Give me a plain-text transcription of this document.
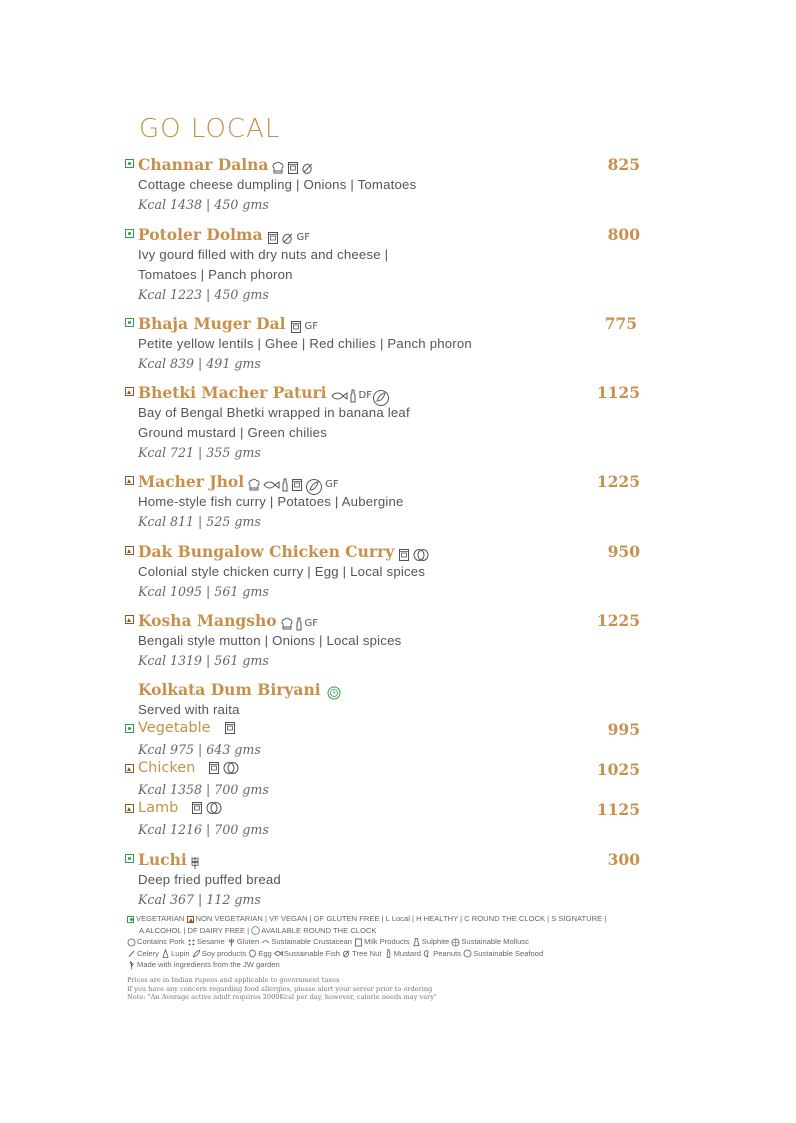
GO LOCAL
Channar Dalna	825
Cottage cheese dumpling | Onions | Tomatoes
Kcal 1438 | 450 gms
Potoler Dolma	GF	800
Ivy gourd filled with dry nuts and cheese |
Tomatoes | Panch phoron
Kcal 1223 | 450 gms
Bhaja Muger Dal GF	775
Petite yellow lentils | Ghee | Red chilies | Panch phoron
Kcal 839 | 491 gms
Bhetki Macher Paturi	DF	1125
Bay of Bengal Bhetki wrapped in banana leaf
Ground mustard | Green chilies
Kcal 721 | 355 gms
Macher Jhol	GF	1225
Home-style fish curry | Potatoes | Aubergine
Kcal 811 | 525 gms
Dak Bungalow Chicken Curry	950
Colonial style chicken curry | Egg | Local spices
Kcal 1095 | 561 gms
Kosha Mangsho	GF	1225
Bengali style mutton | Onions | Local spices
Kcal 1319 | 561 gms
Kolkata Dum Biryani
Served with raita
Vegetable	995
Kcal 975 | 643 gms
Chicken	1025
Kcal 1358 | 700 gms
Lamb	1125
Kcal 1216 | 700 gms
Luchi	300
Deep fried puffed bread
Kcal 367 | 112 gms
VEGETARIAN NON VEGETARIAN | VF VEGAN | GF GLUTEN FREE | L Local | H HEALTHY | C ROUND THE CLOCK | S SIGNATURE |
A ALCOHOL | DF DAIRY FREE | AVAILABLE ROUND THE CLOCK
Contains Pork Sesame Gluten Sustainable Crustacean Milk Products Sulphite Sustainable Mollusc
Celery Lupin Soy products Egg Sustainable Fish Tree Nut Mustard Peanuts Sustainable Seafood
Made with ingredients from the JW garden
Prices are in Indian rupees and applicable to government taxes
If you have any concern regarding food allergies, please alert your server prior to ordering
Note: "An Average active adult requires 2000Kcal per day, however, calorie needs may vary"
